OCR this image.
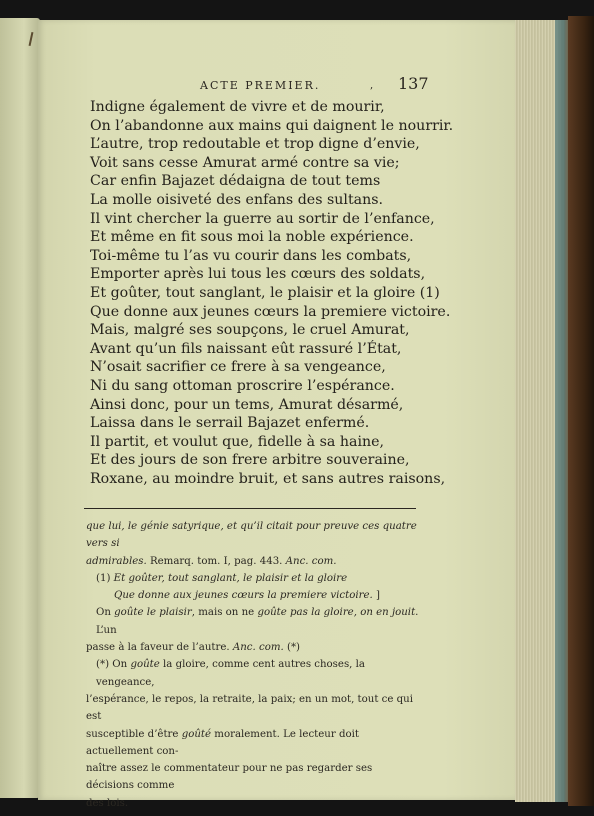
ACTE PREMIER.	, 137
Indigne également de vivre et de mourir,
On l’abandonne aux mains qui daignent le nourrir.
L’autre, trop redoutable et trop digne d’envie,
Voit sans cesse Amurat armé contre sa vie;
Car enfin Bajazet dédaigna de tout tems
La molle oisiveté des enfans des sultans.
Il vint chercher la guerre au sortir de l’enfance,
Et même en fit sous moi la noble expérience.
Toi-même tu l’as vu courir dans les combats,
Emporter après lui tous les cœurs des soldats,
Et goûter, tout sanglant, le plaisir et la gloire (1)
Que donne aux jeunes cœurs la premiere victoire.
Mais, malgré ses soupçons, le cruel Amurat,
Avant qu’un fils naissant eût rassuré l’État,
N’osait sacrifier ce frere à sa vengeance,
Ni du sang ottoman proscrire l’espérance.
Ainsi donc, pour un tems, Amurat désarmé,
Laissa dans le serrail Bajazet enfermé.
Il partit, et voulut que, fidelle à sa haine,
Et des jours de son frere arbitre souveraine,
Roxane, au moindre bruit, et sans autres raisons,

que lui, le génie satyrique, et qu’il citait pour preuve ces quatre vers si

admirables. Remarq. tom. I, pag. 443. Anc. com.

(1) Et goûter, tout sanglant, le plaisir et la gloire

Que donne aux jeunes cœurs la premiere victoire. ]

On goûte le plaisir, mais on ne goûte pas la gloire, on en jouit. L’un

passe à la faveur de l’autre. Anc. com. (*)

(*) On goûte la gloire, comme cent autres choses, la vengeance,

l’espérance, le repos, la retraite, la paix; en un mot, tout ce qui est

susceptible d’être goûté moralement. Le lecteur doit actuellement con-

naître assez le commentateur pour ne pas regarder ses décisions comme

des lois.
